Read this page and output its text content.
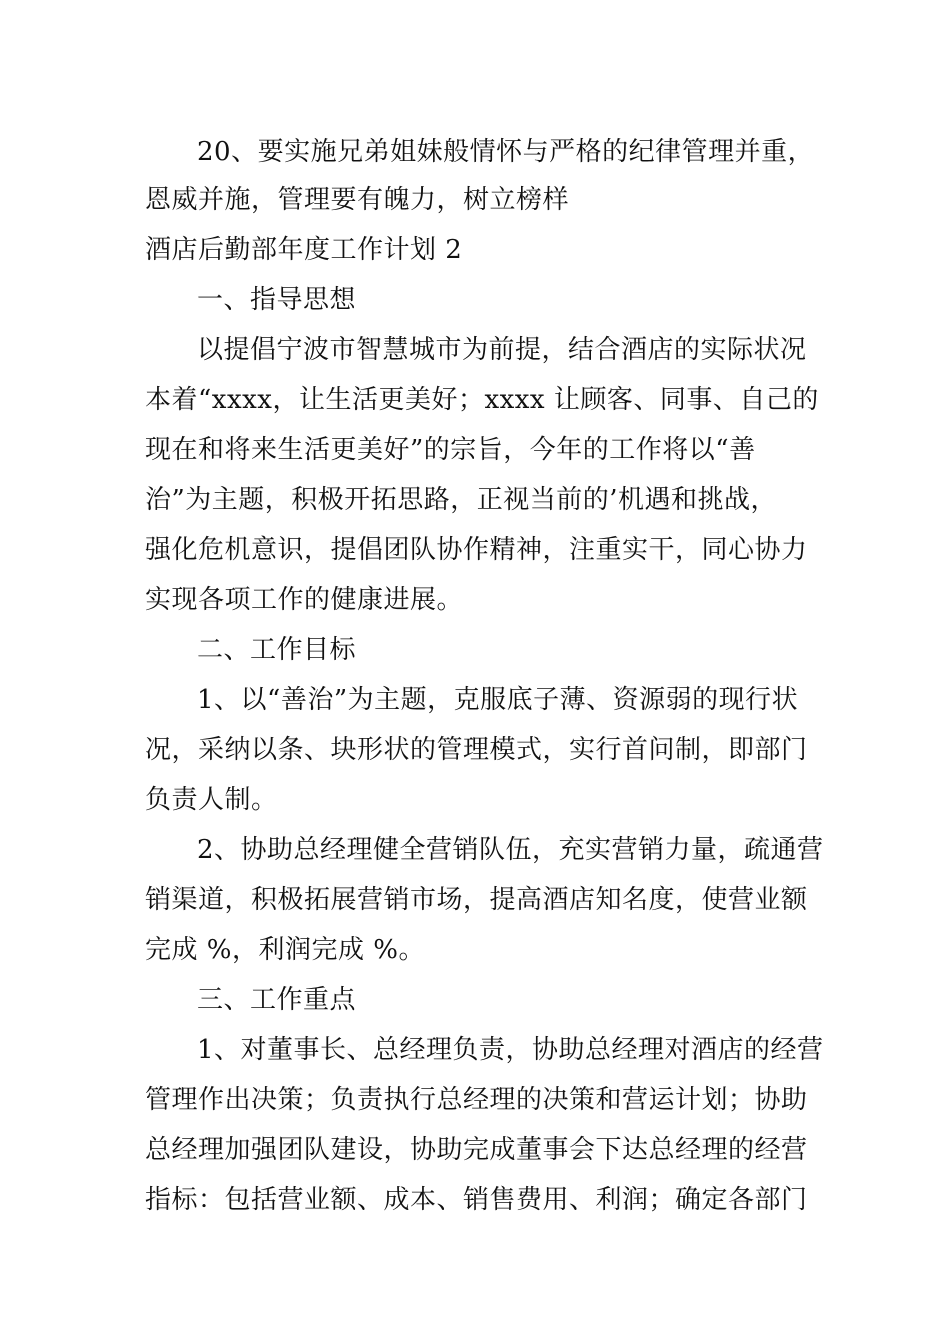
20、要实施兄弟姐妹般情怀与严格的纪律管理并重，
恩威并施，管理要有魄力，树立榜样
酒店后勤部年度工作计划 2
一、指导思想
以提倡宁波市智慧城市为前提，结合酒店的实际状况
本着“xxxx，让生活更美好；xxxx 让顾客、同事、自己的
现在和将来生活更美好”的宗旨，今年的工作将以“善
治”为主题，积极开拓思路，正视当前的’机遇和挑战，
强化危机意识，提倡团队协作精神，注重实干，同心协力
实现各项工作的健康进展。
二、工作目标
1、以“善治”为主题，克服底子薄、资源弱的现行状
况，采纳以条、块形状的管理模式，实行首问制，即部门
负责人制。
2、协助总经理健全营销队伍，充实营销力量，疏通营
销渠道，积极拓展营销市场，提高酒店知名度，使营业额
完成 %，利润完成 %。
三、工作重点
1、对董事长、总经理负责，协助总经理对酒店的经营
管理作出决策；负责执行总经理的决策和营运计划；协助
总经理加强团队建设，协助完成董事会下达总经理的经营
指标：包括营业额、成本、销售费用、利润；确定各部门
